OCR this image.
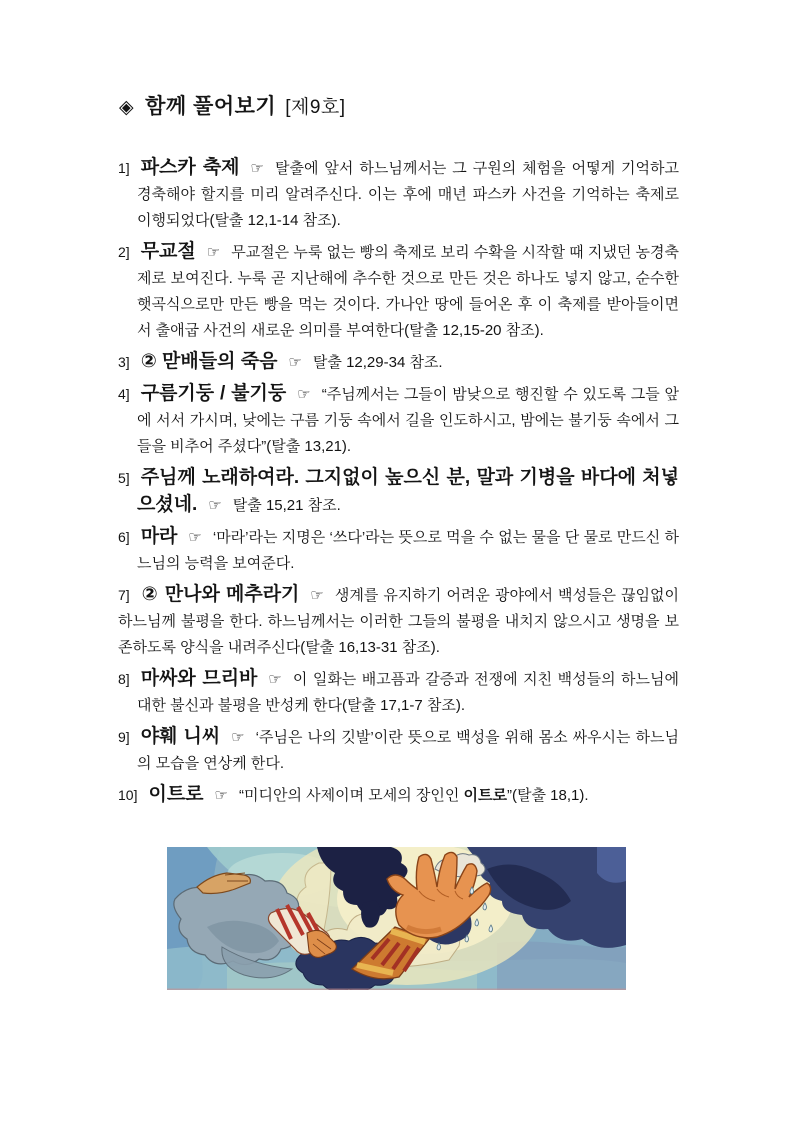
◈ 함께 풀어보기 [제9호]

1] 파스카 축제 ☞ 탈출에 앞서 하느님께서는 그 구원의 체험을 어떻게 기억하고 경축해야 할지를 미리 알려주신다. 이는 후에 매년 파스카 사건을 기억하는 축제로 이행되었다(탈출 12,1-14 참조).

2] 무교절 ☞ 무교절은 누룩 없는 빵의 축제로 보리 수확을 시작할 때 지냈던 농경축제로 보여진다. 누룩 곧 지난해에 추수한 것으로 만든 것은 하나도 넣지 않고, 순수한 햇곡식으로만 만든 빵을 먹는 것이다. 가나안 땅에 들어온 후 이 축제를 받아들이면서 출애굽 사건의 새로운 의미를 부여한다(탈출 12,15-20 참조).

3] ② 맏배들의 죽음 ☞ 탈출 12,29-34 참조.

4] 구름기둥 / 불기둥 ☞ “주님께서는 그들이 밤낮으로 행진할 수 있도록 그들 앞에 서서 가시며, 낮에는 구름 기둥 속에서 길을 인도하시고, 밤에는 불기둥 속에서 그들을 비추어 주셨다”(탈출 13,21).

5] 주님께 노래하여라. 그지없이 높으신 분, 말과 기병을 바다에 처넣으셨네. ☞ 탈출 15,21 참조.

6] 마라 ☞ ‘마라’라는 지명은 ‘쓰다’라는 뜻으로 먹을 수 없는 물을 단 물로 만드신 하느님의 능력을 보여준다.

7] ② 만나와 메추라기 ☞ 생계를 유지하기 어려운 광야에서 백성들은 끊임없이 하느님께 불평을 한다. 하느님께서는 이러한 그들의 불평을 내치지 않으시고 생명을 보존하도록 양식을 내려주신다(탈출 16,13-31 참조).

8] 마싸와 므리바 ☞ 이 일화는 배고픔과 갈증과 전쟁에 지친 백성들의 하느님에 대한 불신과 불평을 반성케 한다(탈출 17,1-7 참조).

9] 야훼 니씨 ☞ ‘주님은 나의 깃발’이란 뜻으로 백성을 위해 몸소 싸우시는 하느님의 모습을 연상케 한다.

10] 이트로 ☞ “미디안의 사제이며 모세의 장인인 이트로”(탈출 18,1).
